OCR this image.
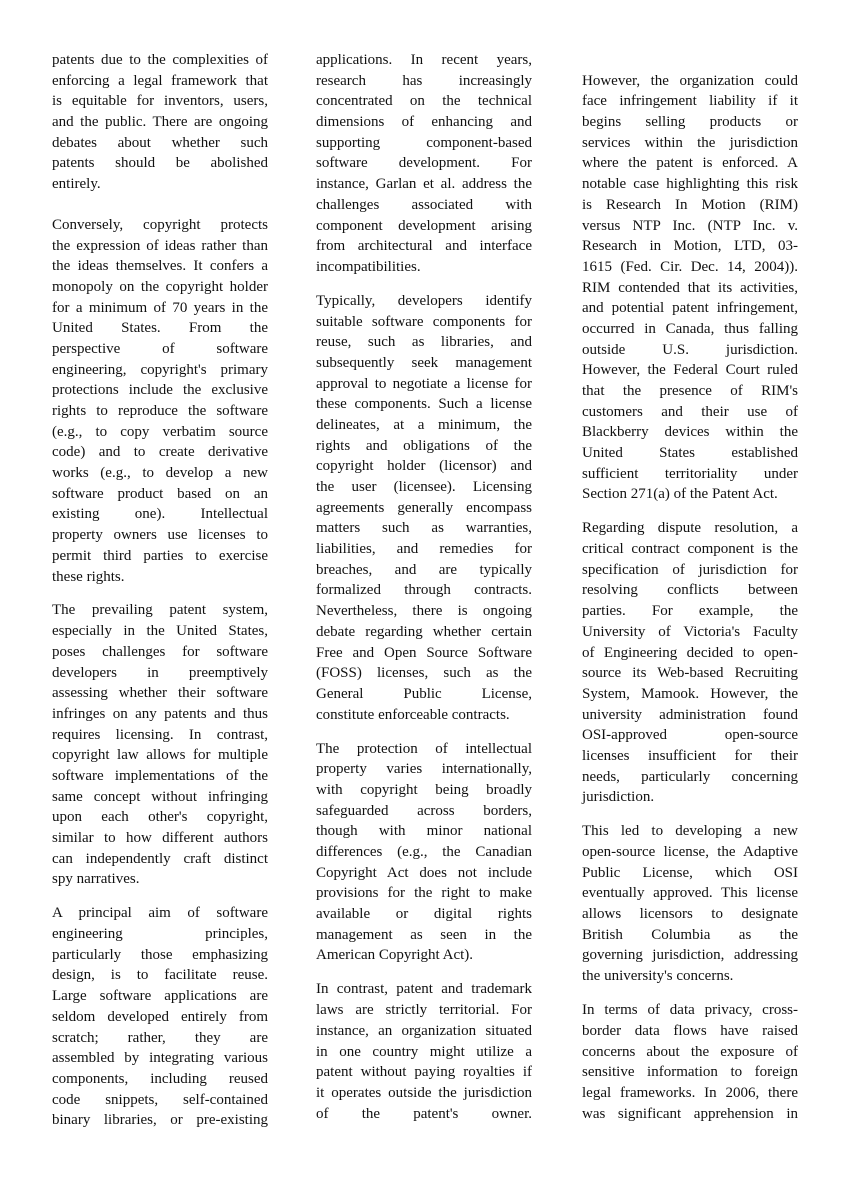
patents due to the complexities of
enforcing a legal framework that
is equitable for inventors, users,
and the public. There are ongoing
debates about whether such
patents should be abolished
entirely.
Conversely, copyright protects
the expression of ideas rather than
the ideas themselves. It confers a
monopoly on the copyright holder
for a minimum of 70 years in the
United States. From the
perspective of software
engineering, copyright's primary
protections include the exclusive
rights to reproduce the software
(e.g., to copy verbatim source
code) and to create derivative
works (e.g., to develop a new
software product based on an
existing one). Intellectual
property owners use licenses to
permit third parties to exercise
these rights.
The prevailing patent system,
especially in the United States,
poses challenges for software
developers in preemptively
assessing whether their software
infringes on any patents and thus
requires licensing. In contrast,
copyright law allows for multiple
software implementations of the
same concept without infringing
upon each other's copyright,
similar to how different authors
can independently craft distinct
spy narratives.
A principal aim of software
engineering principles,
particularly those emphasizing
design, is to facilitate reuse.
Large software applications are
seldom developed entirely from
scratch; rather, they are
assembled by integrating various
components, including reused
code snippets, self-contained
binary libraries, or pre-existing
applications. In recent years,
research has increasingly
concentrated on the technical
dimensions of enhancing and
supporting component-based
software development. For
instance, Garlan et al. address the
challenges associated with
component development arising
from architectural and interface
incompatibilities.
Typically, developers identify
suitable software components for
reuse, such as libraries, and
subsequently seek management
approval to negotiate a license for
these components. Such a license
delineates, at a minimum, the
rights and obligations of the
copyright holder (licensor) and
the user (licensee). Licensing
agreements generally encompass
matters such as warranties,
liabilities, and remedies for
breaches, and are typically
formalized through contracts.
Nevertheless, there is ongoing
debate regarding whether certain
Free and Open Source Software
(FOSS) licenses, such as the
General Public License,
constitute enforceable contracts.
The protection of intellectual
property varies internationally,
with copyright being broadly
safeguarded across borders,
though with minor national
differences (e.g., the Canadian
Copyright Act does not include
provisions for the right to make
available or digital rights
management as seen in the
American Copyright Act).
In contrast, patent and trademark
laws are strictly territorial. For
instance, an organization situated
in one country might utilize a
patent without paying royalties if
it operates outside the jurisdiction
of the patent's owner.
However, the organization could
face infringement liability if it
begins selling products or
services within the jurisdiction
where the patent is enforced. A
notable case highlighting this risk
is Research In Motion (RIM)
versus NTP Inc. (NTP Inc. v.
Research in Motion, LTD, 03-
1615 (Fed. Cir. Dec. 14, 2004)).
RIM contended that its activities,
and potential patent infringement,
occurred in Canada, thus falling
outside U.S. jurisdiction.
However, the Federal Court ruled
that the presence of RIM's
customers and their use of
Blackberry devices within the
United States established
sufficient territoriality under
Section 271(a) of the Patent Act.
Regarding dispute resolution, a
critical contract component is the
specification of jurisdiction for
resolving conflicts between
parties. For example, the
University of Victoria's Faculty
of Engineering decided to open-
source its Web-based Recruiting
System, Mamook. However, the
university administration found
OSI-approved open-source
licenses insufficient for their
needs, particularly concerning
jurisdiction.
This led to developing a new
open-source license, the Adaptive
Public License, which OSI
eventually approved. This license
allows licensors to designate
British Columbia as the
governing jurisdiction, addressing
the university's concerns.
In terms of data privacy, cross-
border data flows have raised
concerns about the exposure of
sensitive information to foreign
legal frameworks. In 2006, there
was significant apprehension in
